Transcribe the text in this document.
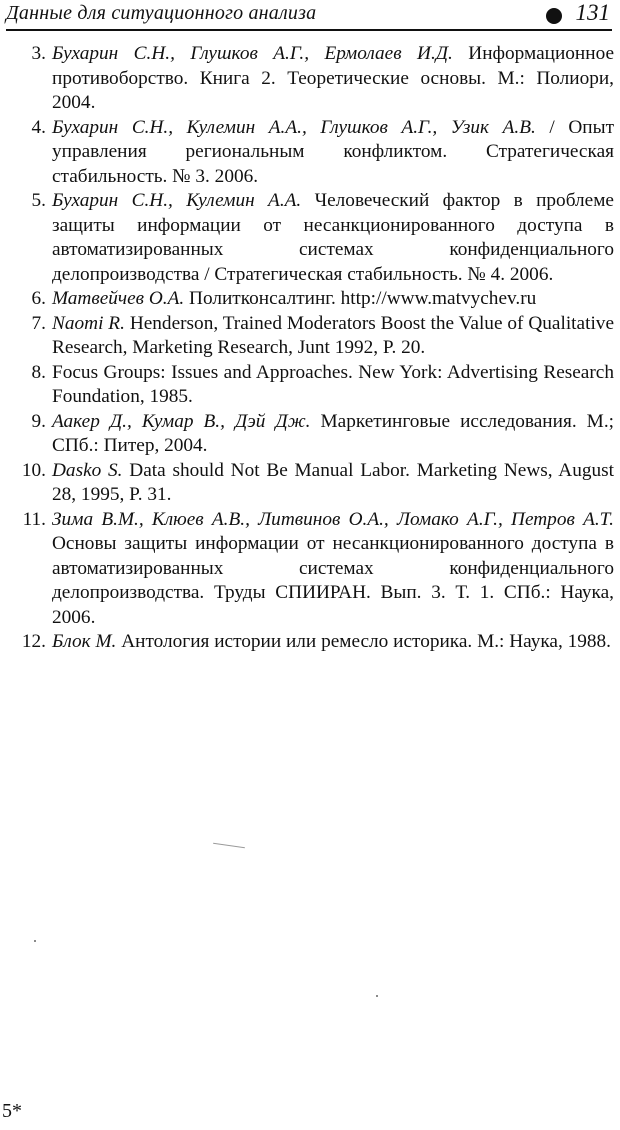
Данные для ситуационного анализа	131
3. Бухарин С.Н., Глушков А.Г., Ермолаев И.Д. Информационное противоборство. Книга 2. Теоретические основы. М.: Полиори, 2004.
4. Бухарин С.Н., Кулемин А.А., Глушков А.Г., Узик А.В. / Опыт управления региональным конфликтом. Стратегическая стабильность. № 3. 2006.
5. Бухарин С.Н., Кулемин А.А. Человеческий фактор в проблеме защиты информации от несанкционированного доступа в автоматизированных системах конфиденциального делопроизводства / Стратегическая стабильность. № 4. 2006.
6. Матвейчев О.А. Политконсалтинг. http://www.matvychev.ru
7. Naomi R. Henderson, Trained Moderators Boost the Value of Qualitative Research, Marketing Research, Junt 1992, P. 20.
8. Focus Groups: Issues and Approaches. New York: Advertising Research Foundation, 1985.
9. Аакер Д., Кумар В., Дэй Дж. Маркетинговые исследования. М.; СПб.: Питер, 2004.
10. Dasko S. Data should Not Be Manual Labor. Marketing News, August 28, 1995, P. 31.
11. Зима В.М., Клюев А.В., Литвинов О.А., Ломако А.Г., Петров А.Т. Основы защиты информации от несанкционированного доступа в автоматизированных системах конфиденциального делопроизводства. Труды СПИИРАН. Вып. 3. Т. 1. СПб.: Наука, 2006.
12. Блок М. Антология истории или ремесло историка. М.: Наука, 1988.
5*
